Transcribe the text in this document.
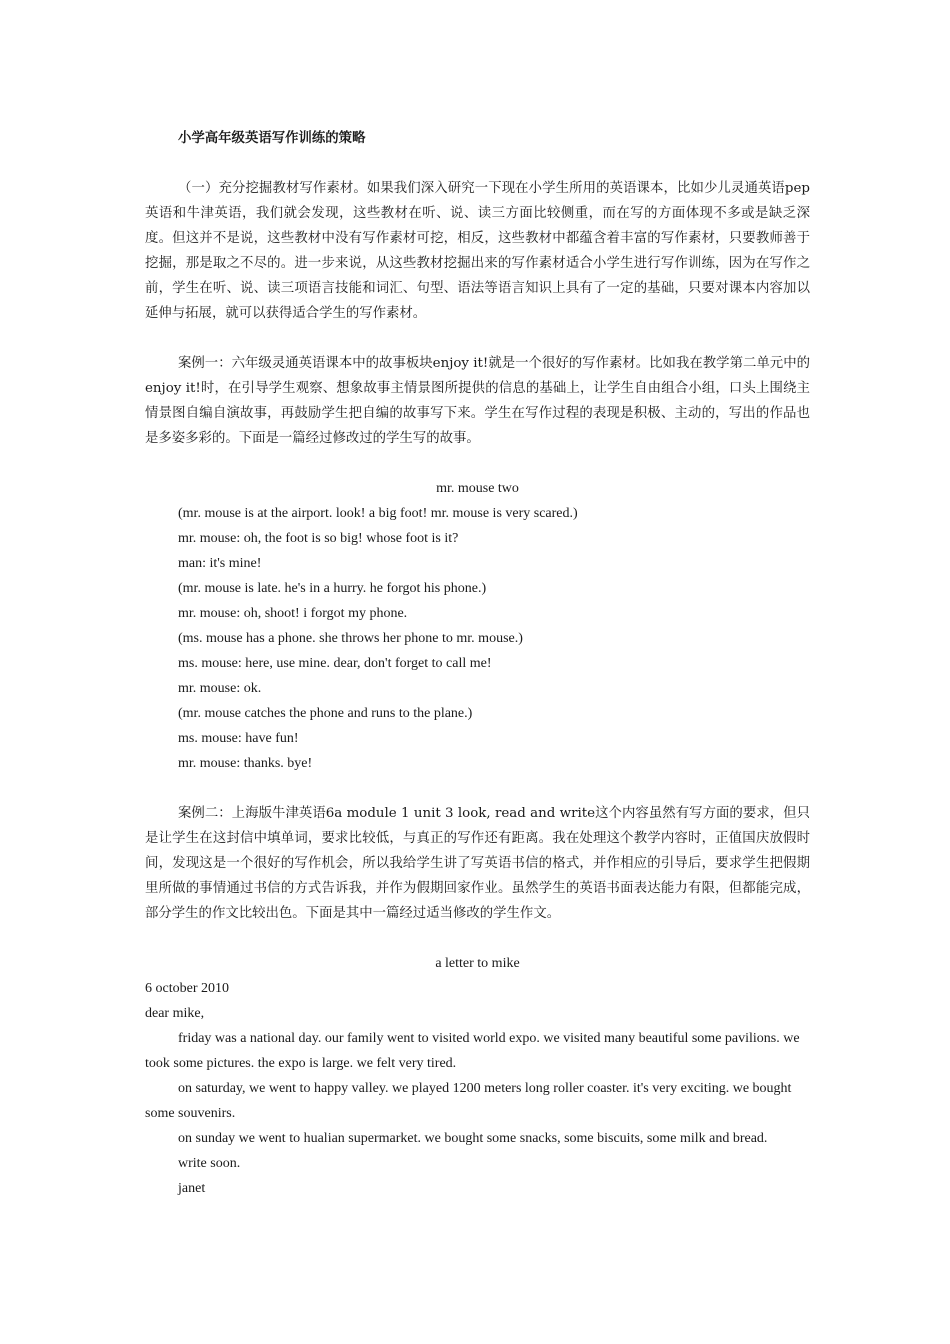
小学高年级英语写作训练的策略

（一）充分挖掘教材写作素材。如果我们深入研究一下现在小学生所用的英语课本，比如少儿灵通英语pep英语和牛津英语，我们就会发现，这些教材在听、说、读三方面比较侧重，而在写的方面体现不多或是缺乏深度。但这并不是说，这些教材中没有写作素材可挖，相反，这些教材中都蕴含着丰富的写作素材，只要教师善于挖掘，那是取之不尽的。进一步来说，从这些教材挖掘出来的写作素材适合小学生进行写作训练，因为在写作之前，学生在听、说、读三项语言技能和词汇、句型、语法等语言知识上具有了一定的基础，只要对课本内容加以延伸与拓展，就可以获得适合学生的写作素材。

案例一：六年级灵通英语课本中的故事板块enjoy it!就是一个很好的写作素材。比如我在教学第二单元中的enjoy it!时，在引导学生观察、想象故事主情景图所提供的信息的基础上，让学生自由组合小组，口头上围绕主情景图自编自演故事，再鼓励学生把自编的故事写下来。学生在写作过程的表现是积极、主动的，写出的作品也是多姿多彩的。下面是一篇经过修改过的学生写的故事。

mr. mouse two

(mr. mouse is at the airport. look! a big foot! mr. mouse is very scared.)

mr. mouse: oh, the foot is so big! whose foot is it?

man: it's mine!

(mr. mouse is late. he's in a hurry. he forgot his phone.)

mr. mouse: oh, shoot! i forgot my phone.

(ms. mouse has a phone. she throws her phone to mr. mouse.)

ms. mouse: here, use mine. dear, don't forget to call me!

mr. mouse: ok.

(mr. mouse catches the phone and runs to the plane.)

ms. mouse: have fun!

mr. mouse: thanks. bye!

案例二：上海版牛津英语6a module 1 unit 3 look, read and write这个内容虽然有写方面的要求，但只是让学生在这封信中填单词，要求比较低，与真正的写作还有距离。我在处理这个教学内容时，正值国庆放假时间，发现这是一个很好的写作机会，所以我给学生讲了写英语书信的格式，并作相应的引导后，要求学生把假期里所做的事情通过书信的方式告诉我，并作为假期回家作业。虽然学生的英语书面表达能力有限，但都能完成，部分学生的作文比较出色。下面是其中一篇经过适当修改的学生作文。

a letter to mike

6 october 2010

dear mike,

friday was a national day. our family went to visited world expo. we visited many beautiful some pavilions. we took some pictures. the expo is large. we felt very tired.

on saturday, we went to happy valley. we played 1200 meters long roller coaster. it's very exciting. we bought some souvenirs.

on sunday we went to hualian supermarket. we bought some snacks, some biscuits, some milk and bread.

write soon.

janet
